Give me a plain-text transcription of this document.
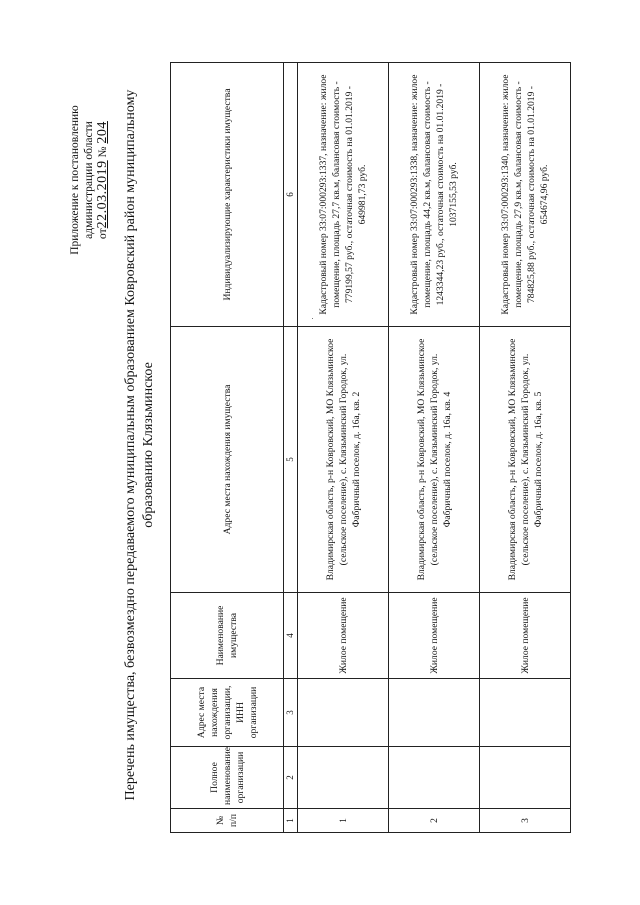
Приложение к постановлению администрации области от22.03.2019 № 204 Перечень имущества, безвозмездно передаваемого муниципальным образованием Ковровский район муниципальному образованию Клязьминское
№ п/п	Полное наименование организации	Адрес места нахождения организации, ИНН организации	Наименование имущества	Адрес места нахождения имущества	Индивидуализирующие характеристики имущества
1	2	3	4	5	6
1			Жилое помещение	Владимирская область, р-н Ковровский, МО Клязьминское (сельское поселение), с. Клязьминский Городок, ул. Фабричный поселок, д. 16а, кв. 2	Кадастровый номер 33:07:000293:1337, назначение: жилое помещение, площадь 27,7 кв.м, балансовая стоимость - 779199,57 руб., остаточная стоимость на 01.01.2019 - 649981,73 руб.
2			Жилое помещение	Владимирская область, р-н Ковровский, МО Клязьминское (сельское поселение), с. Клязьминский Городок, ул. Фабричный поселок, д. 16а, кв. 4	Кадастровый номер 33:07:000293:1338, назначение: жилое помещение, площадь 44,2 кв.м, балансовая стоимость - 1243344,23 руб., остаточная стоимость на 01.01.2019 - 1037155,53 руб.
3			Жилое помещение	Владимирская область, р-н Ковровский, МО Клязьминское (сельское поселение), с. Клязьминский Городок, ул. Фабричный поселок, д. 16а, кв. 5	Кадастровый номер 33:07:000293:1340, назначение: жилое помещение, площадь 27,9 кв.м, балансовая стоимость - 784825,88 руб., остаточная стоимость на 01.01.2019 - 654674,96 руб.
